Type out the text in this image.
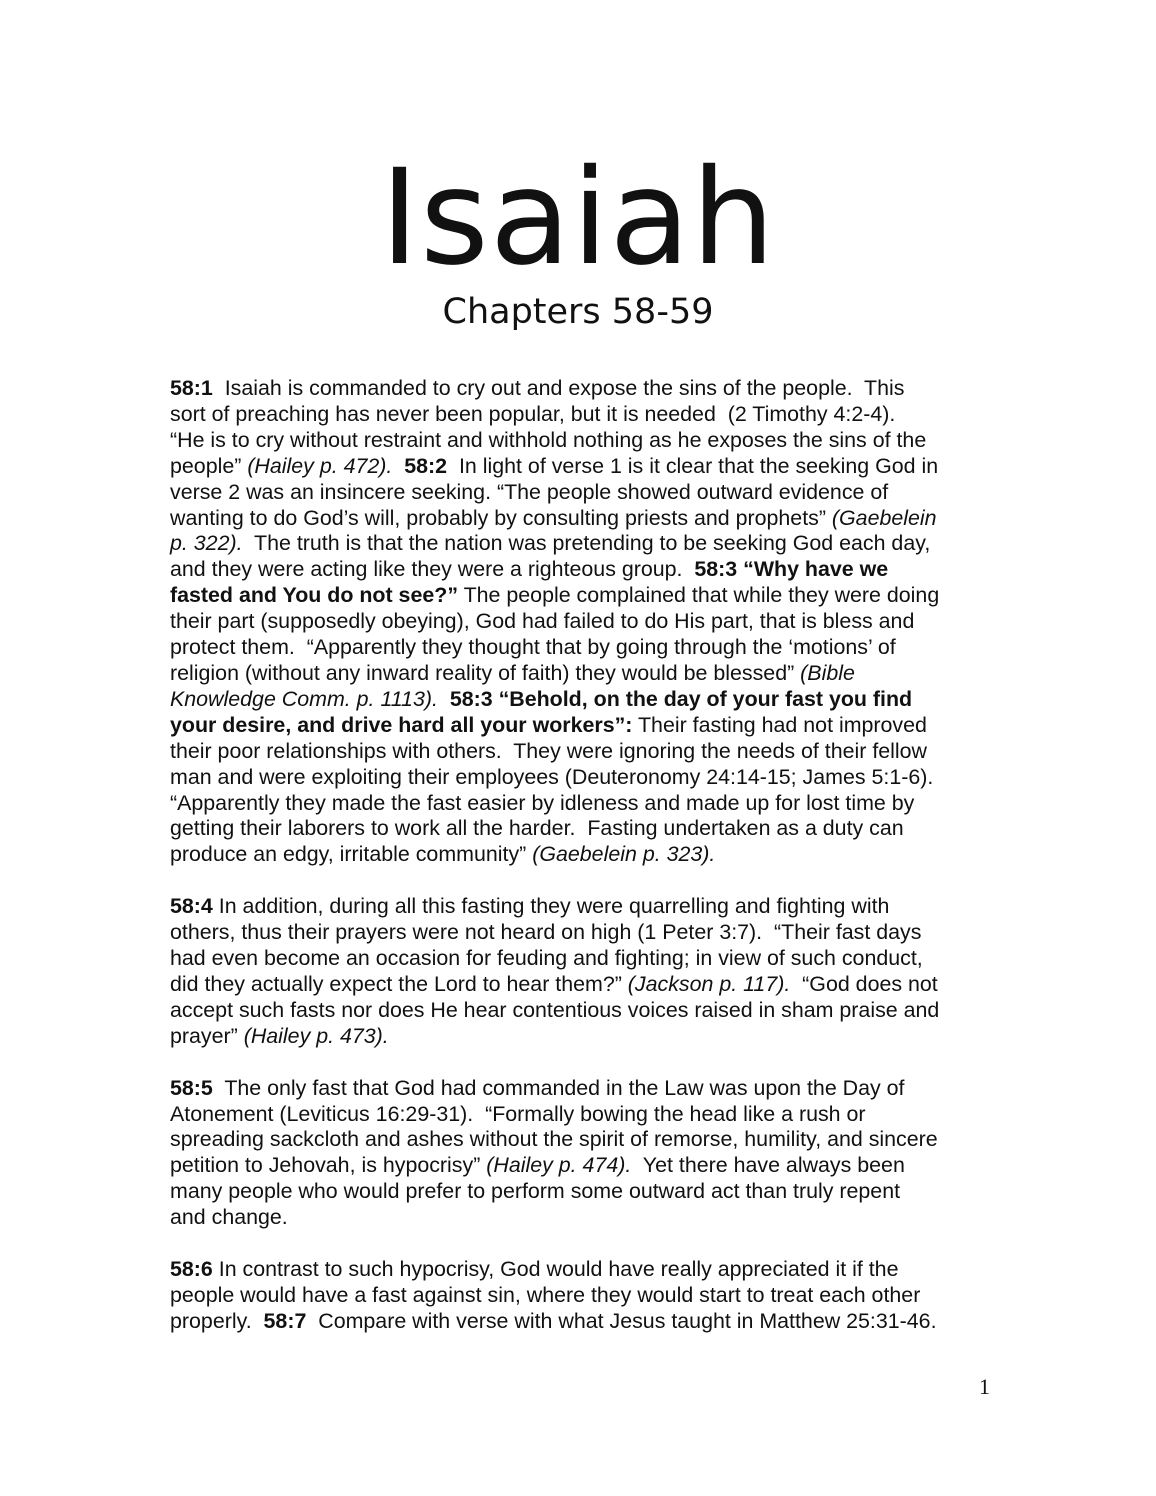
Isaiah
Chapters 58-59

58:1  Isaiah is commanded to cry out and expose the sins of the people.  This
sort of preaching has never been popular, but it is needed  (2 Timothy 4:2-4).
“He is to cry without restraint and withhold nothing as he exposes the sins of the
people” (Hailey p. 472). 58:2  In light of verse 1 is it clear that the seeking God in
verse 2 was an insincere seeking. “The people showed outward evidence of
wanting to do God’s will, probably by consulting priests and prophets” (Gaebelein
p. 322).  The truth is that the nation was pretending to be seeking God each day,
and they were acting like they were a righteous group.  58:3 “Why have we
fasted and You do not see?” The people complained that while they were doing
their part (supposedly obeying), God had failed to do His part, that is bless and
protect them.  “Apparently they thought that by going through the ‘motions’ of
religion (without any inward reality of faith) they would be blessed” (Bible
Knowledge Comm. p. 1113). 58:3 “Behold, on the day of your fast you find
your desire, and drive hard all your workers”: Their fasting had not improved
their poor relationships with others.  They were ignoring the needs of their fellow
man and were exploiting their employees (Deuteronomy 24:14-15; James 5:1-6).
“Apparently they made the fast easier by idleness and made up for lost time by
getting their laborers to work all the harder.  Fasting undertaken as a duty can
produce an edgy, irritable community” (Gaebelein p. 323).

58:4 In addition, during all this fasting they were quarrelling and fighting with
others, thus their prayers were not heard on high (1 Peter 3:7).  “Their fast days
had even become an occasion for feuding and fighting; in view of such conduct,
did they actually expect the Lord to hear them?” (Jackson p. 117).  “God does not
accept such fasts nor does He hear contentious voices raised in sham praise and
prayer” (Hailey p. 473).

58:5  The only fast that God had commanded in the Law was upon the Day of
Atonement (Leviticus 16:29-31).  “Formally bowing the head like a rush or
spreading sackcloth and ashes without the spirit of remorse, humility, and sincere
petition to Jehovah, is hypocrisy” (Hailey p. 474).  Yet there have always been
many people who would prefer to perform some outward act than truly repent
and change.

58:6 In contrast to such hypocrisy, God would have really appreciated it if the
people would have a fast against sin, where they would start to treat each other
properly.  58:7  Compare with verse with what Jesus taught in Matthew 25:31-46.

1
